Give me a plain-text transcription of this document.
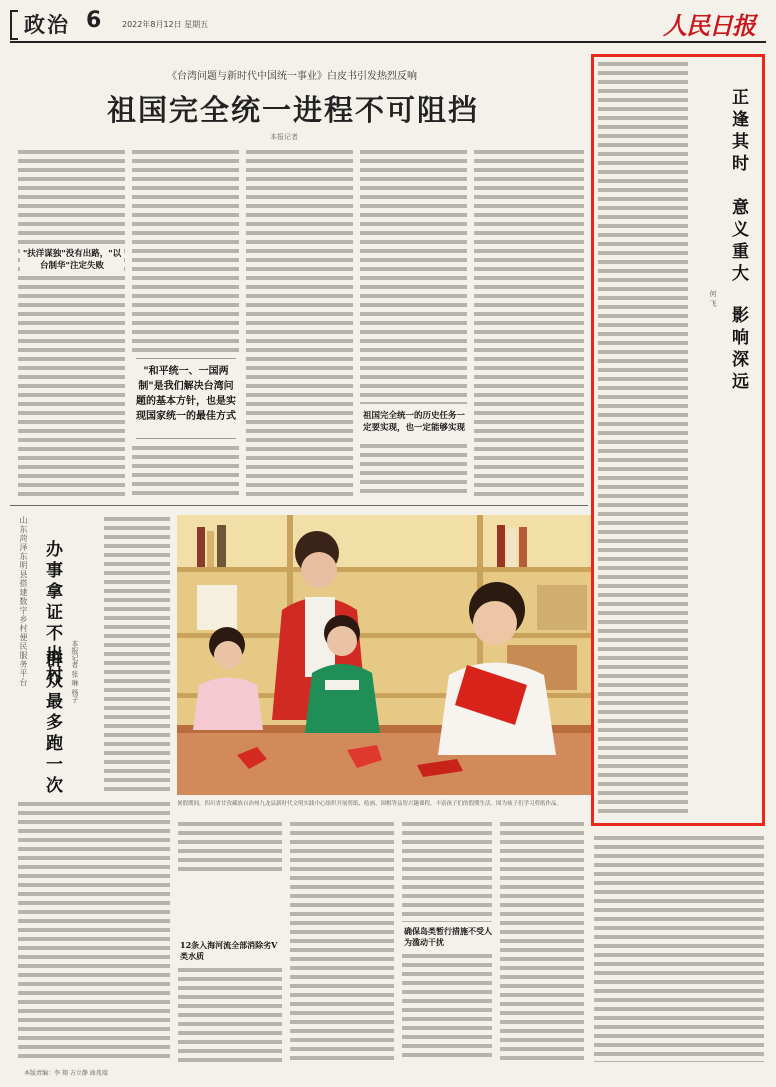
政治 6	2022年8月12日 星期五	人民日报
《台湾问题与新时代中国统一事业》白皮书引发热烈反响
祖国完全统一进程不可阻挡
本报记者
"扶洋谋独"没有出路，"以台制华"注定失败
"和平统一、一国两制"是我们解决台湾问题的基本方针，也是实现国家统一的最佳方式	祖国完全统一的历史任务一定要实现，也一定能够实现
山东菏泽东明县搭建数字乡村便民服务平台 办事拿证不出村
群众最多跑一次	本报记者 张 琳 杨子
暑假期间，四川省甘孜藏族自治州九龙县新时代文明实践中心组织开展剪纸、绘画、围棋等益智兴趣课程，丰富孩子们的假期生活。图为孩子们学习剪纸作品。
正逢其时
意义重大
影响深远
何 飞
12条入海河流全部消除劣Ⅴ类水质
确保岛类暂行措施不受人为滥动干扰
本版责编：李 翔 方立静 曲兆瑞
